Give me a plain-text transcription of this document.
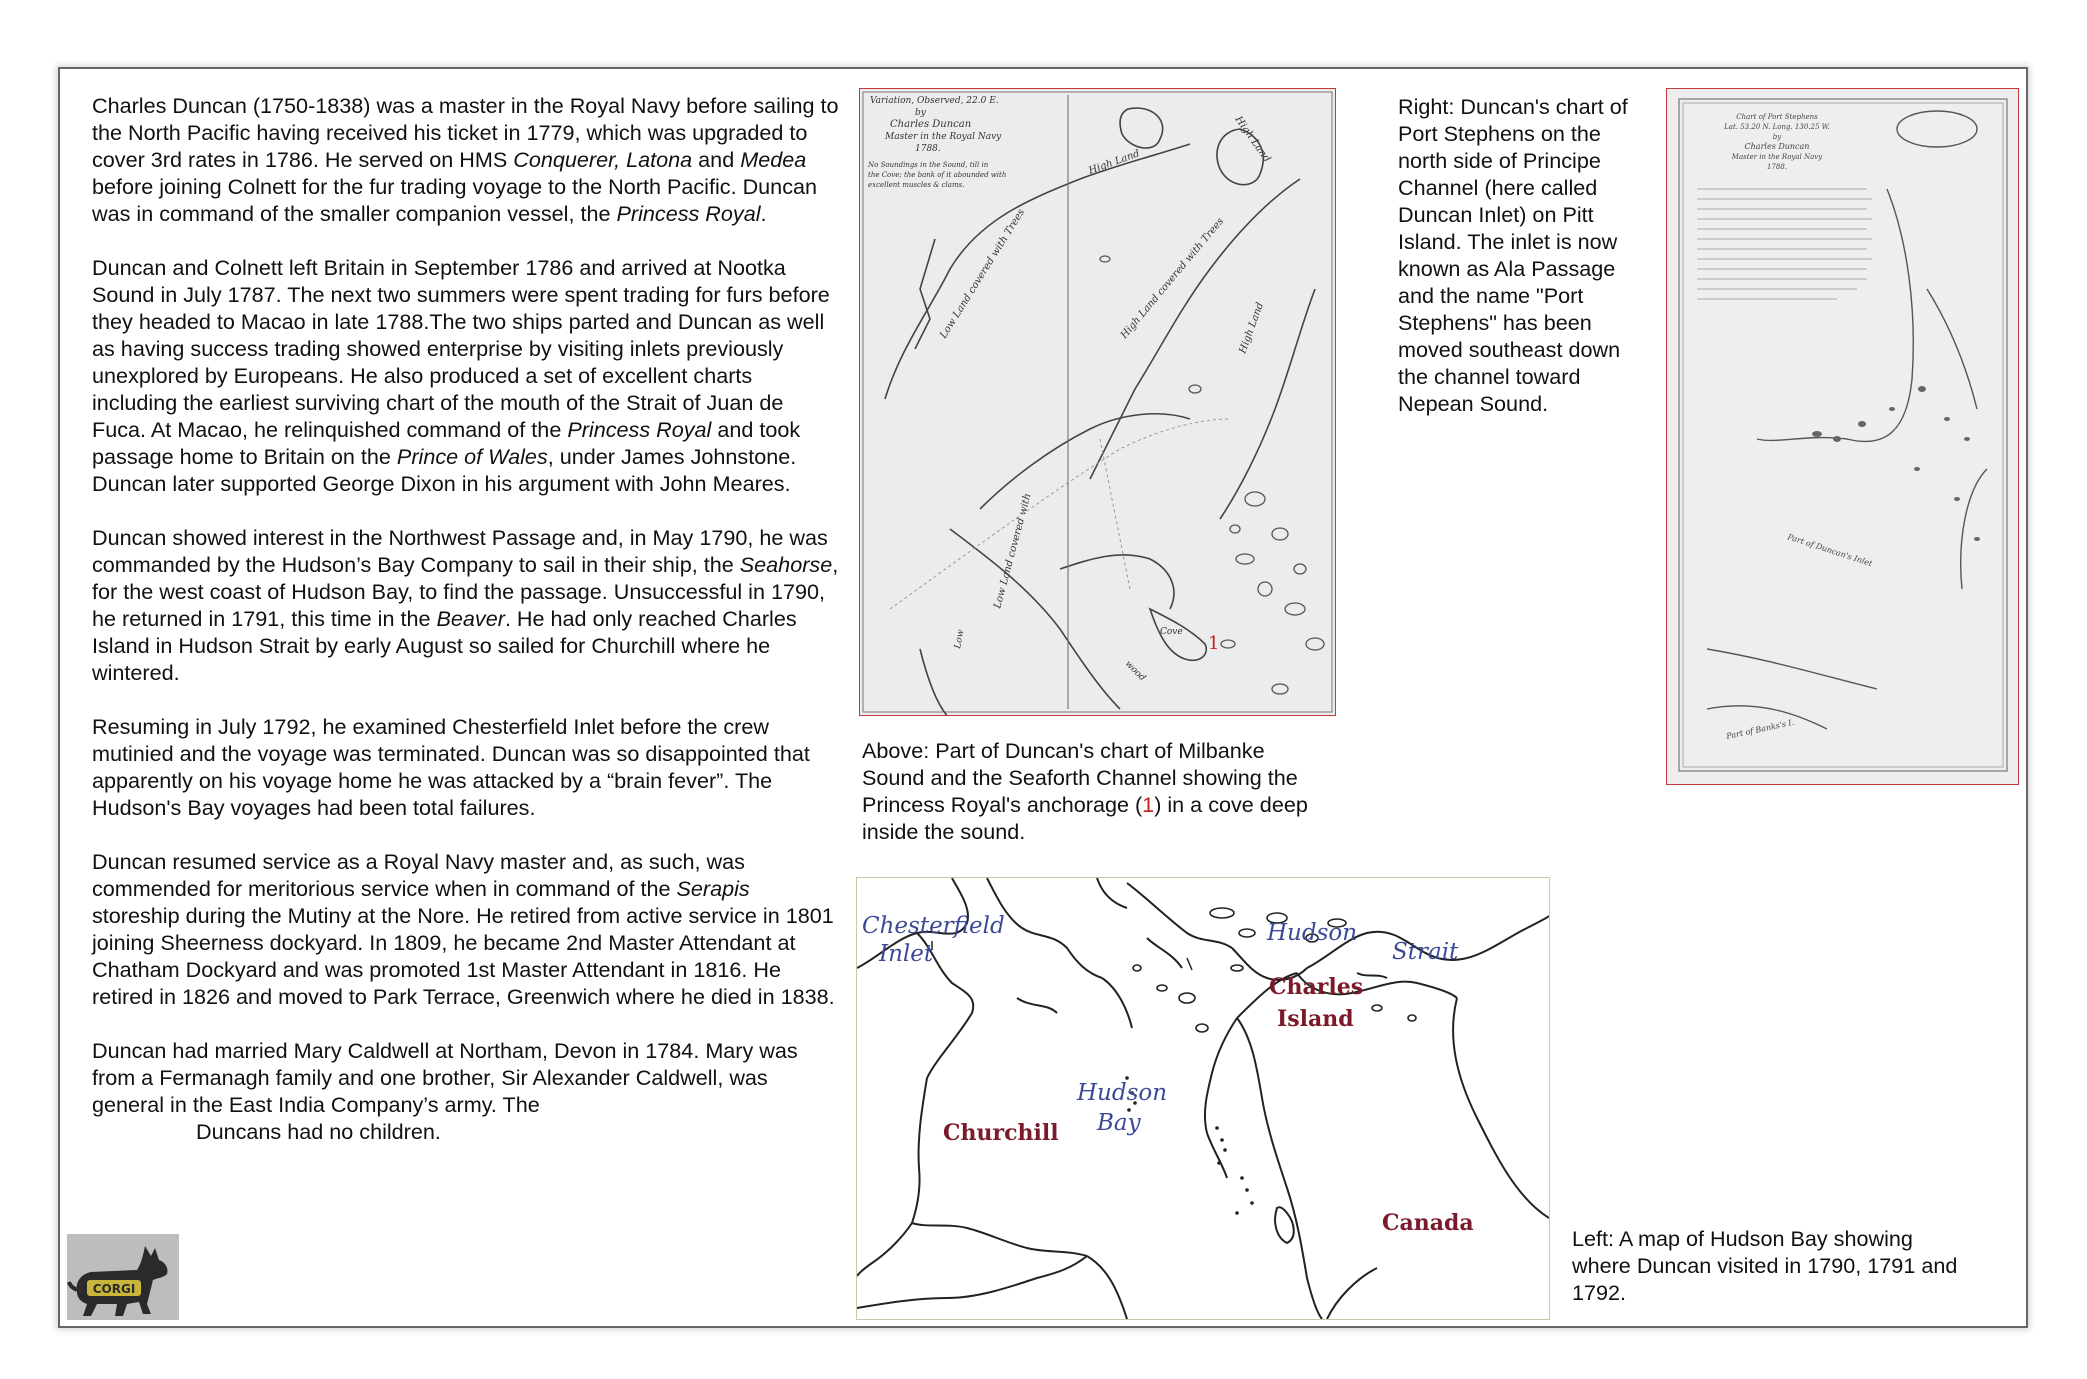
Charles Duncan (1750-1838) was a master in the Royal Navy before sailing to the North Pacific having received his ticket in 1779, which was upgraded to cover 3rd rates in 1786. He served on HMS Conquerer, Latona and Medea before joining Colnett for the fur trading voyage to the North Pacific. Duncan was in command of the smaller companion vessel, the Princess Royal.

Duncan and Colnett left Britain in September 1786 and arrived at Nootka Sound in July 1787. The next two summers were spent trading for furs before they headed to Macao in late 1788.The two ships parted and Duncan as well as having success trading showed enterprise by visiting inlets previously unexplored by Europeans. He also produced a set of excellent charts including the earliest surviving chart of the mouth of the Strait of Juan de Fuca. At Macao, he relinquished command of the Princess Royal and took passage home to Britain on the Prince of Wales, under James Johnstone. Duncan later supported George Dixon in his argument with John Meares.

Duncan showed interest in the Northwest Passage and, in May 1790, he was commanded by the Hudson’s Bay Company to sail in their ship, the Seahorse, for the west coast of Hudson Bay, to find the passage. Unsuccessful in 1790, he returned in 1791, this time in the Beaver. He had only reached Charles Island in Hudson Strait by early August so sailed for Churchill where he wintered.

Resuming in July 1792, he examined Chesterfield Inlet before the crew mutinied and the voyage was terminated. Duncan was so disappointed that apparently on his voyage home he was attacked by a “brain fever”. The Hudson's Bay voyages had been total failures.

Duncan resumed service as a Royal Navy master and, as such, was commended for meritorious service when in command of the Serapis storeship during the Mutiny at the Nore. He retired from active service in 1801 joining Sheerness dockyard. In 1809, he became 2nd Master Attendant at Chatham Dockyard and was promoted 1st Master Attendant in 1816. He retired in 1826 and moved to Park Terrace, Greenwich where he died in 1838.

Duncan had married Mary Caldwell at Northam, Devon in 1784. Mary was from a Fermanagh family and one brother, Sir Alexander Caldwell, was general in the East India Company’s army. The
Duncans had no children.

Variation, Observed, 22.0 E.
by
Charles Duncan
Master in the Royal Navy
1788.
No Soundings in the Sound, till in
the Cove; the bank of it abounded with
excellent muscles & clams.
High Land	High Land
Low Land covered with Trees	High Land covered with Trees High Land
Low Land covered with
Low
wood
Cove
1
Above: Part of Duncan's chart of Milbanke Sound and the Seaforth Channel showing the Princess Royal's anchorage (1) in a cove deep inside the sound.
Right: Duncan's chart of Port Stephens on the north side of Principe Channel (here called Duncan Inlet) on Pitt Island. The inlet is now known as Ala Passage and the name "Port Stephens" has been moved southeast down the channel toward Nepean Sound.
Chart of Port Stephens
Lat. 53.20 N. Long. 130.25 W.
by
Charles Duncan
Master in the Royal Navy
1788.
Part of Duncan's Inlet
Part of Banks's I.
Chesterfield
Inlet
Hudson
Strait
Hudson
Bay
Charles
Island
Churchill
Canada
Left: A map of Hudson Bay showing where Duncan visited in 1790, 1791 and 1792.
CORGI
